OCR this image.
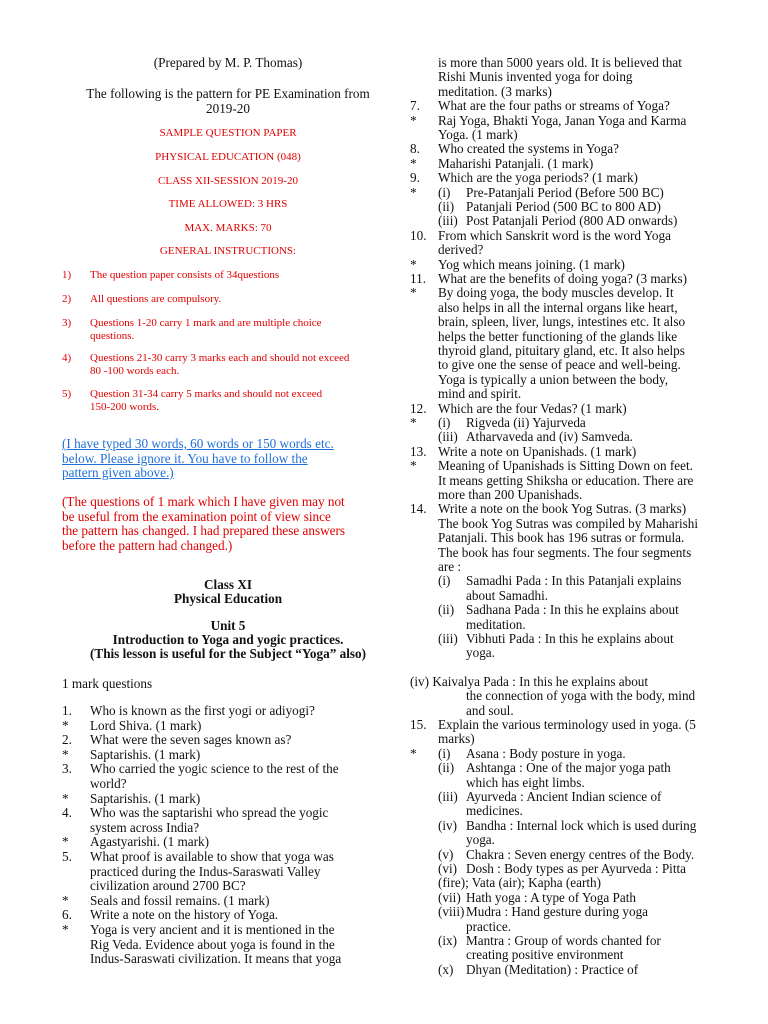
(Prepared by M. P. Thomas)
The following is the pattern for PE Examination from
2019-20
SAMPLE QUESTION PAPER
PHYSICAL EDUCATION (048)
CLASS XII-SESSION 2019-20
TIME ALLOWED: 3 HRS
MAX. MARKS: 70
GENERAL INSTRUCTIONS:
1) The question paper consists of 34questions
2) All questions are compulsory.
3) Questions 1-20 carry 1 mark and are multiple choice
questions.
4) Questions 21-30 carry 3 marks each and should not exceed
80 -100 words each.
5) Question 31-34 carry 5 marks and should not exceed
150-200 words.
(I have typed 30 words, 60 words or 150 words etc.
below. Please ignore it. You have to follow the
pattern given above.)
(The questions of 1 mark which I have given may not
be useful from the examination point of view since
the pattern has changed. I had prepared these answers
before the pattern had changed.)
Class XI
Physical Education
Unit 5
Introduction to Yoga and yogic practices.
(This lesson is useful for the Subject “Yoga” also)
1 mark questions
1. Who is known as the first yogi or adiyogi?
* Lord Shiva. (1 mark)
2. What were the seven sages known as?
* Saptarishis. (1 mark)
3. Who carried the yogic science to the rest of the
world?
* Saptarishis. (1 mark)
4. Who was the saptarishi who spread the yogic
system across India?
* Agastyarishi. (1 mark)
5. What proof is available to show that yoga was
practiced during the Indus-Saraswati Valley
civilization around 2700 BC?
* Seals and fossil remains. (1 mark)
6. Write a note on the history of Yoga.
* Yoga is very ancient and it is mentioned in the
Rig Veda. Evidence about yoga is found in the
Indus-Saraswati civilization. It means that yoga
is more than 5000 years old. It is believed that
Rishi Munis invented yoga for doing
meditation. (3 marks)
7. What are the four paths or streams of Yoga?
* Raj Yoga, Bhakti Yoga, Janan Yoga and Karma
Yoga. (1 mark)
8. Who created the systems in Yoga?
* Maharishi Patanjali. (1 mark)
9. Which are the yoga periods? (1 mark)
* (i) Pre-Patanjali Period (Before 500 BC)
(ii) Patanjali Period (500 BC to 800 AD)
(iii) Post Patanjali Period (800 AD onwards)
10. From which Sanskrit word is the word Yoga
derived?
* Yog which means joining. (1 mark)
11. What are the benefits of doing yoga? (3 marks)
* By doing yoga, the body muscles develop. It
also helps in all the internal organs like heart,
brain, spleen, liver, lungs, intestines etc. It also
helps the better functioning of the glands like
thyroid gland, pituitary gland, etc. It also helps
to give one the sense of peace and well-being.
Yoga is typically a union between the body,
mind and spirit.
12. Which are the four Vedas? (1 mark)
* (i) Rigveda (ii) Yajurveda
(iii) Atharvaveda and (iv) Samveda.
13. Write a note on Upanishads. (1 mark)
* Meaning of Upanishads is Sitting Down on feet.
It means getting Shiksha or education. There are
more than 200 Upanishads.
14. Write a note on the book Yog Sutras. (3 marks)
The book Yog Sutras was compiled by Maharishi
Patanjali. This book has 196 sutras or formula.
The book has four segments. The four segments
are :
(i) Samadhi Pada : In this Patanjali explains
about Samadhi.
(ii) Sadhana Pada : In this he explains about
meditation.
(iii) Vibhuti Pada : In this he explains about
yoga.
(iv) Kaivalya Pada : In this he explains about
the connection of yoga with the body, mind
and soul.
15. Explain the various terminology used in yoga. (5
marks)
* (i) Asana : Body posture in yoga.
(ii) Ashtanga : One of the major yoga path
which has eight limbs.
(iii) Ayurveda : Ancient Indian science of
medicines.
(iv) Bandha : Internal lock which is used during
yoga.
(v) Chakra : Seven energy centres of the Body.
(vi) Dosh : Body types as per Ayurveda : Pitta
(fire); Vata (air); Kapha (earth)
(vii) Hath yoga : A type of Yoga Path
(viii) Mudra : Hand gesture during yoga
practice.
(ix) Mantra : Group of words chanted for
creating positive environment
(x) Dhyan (Meditation) : Practice of
